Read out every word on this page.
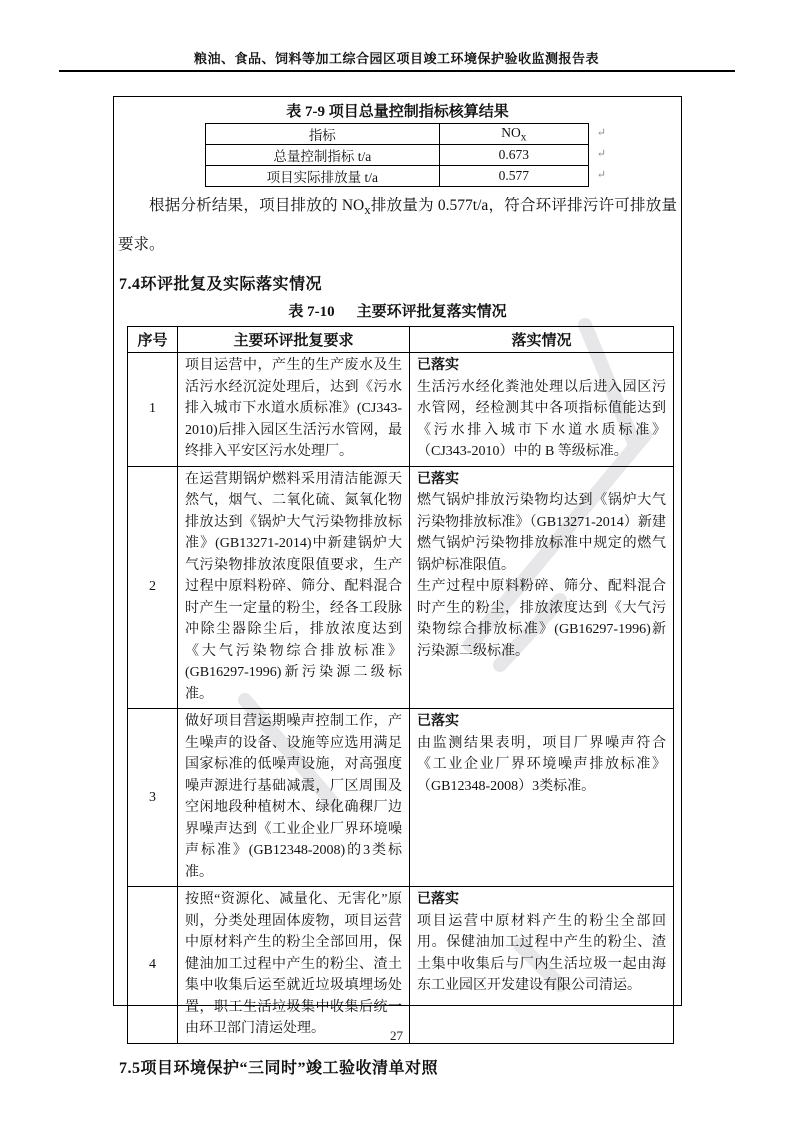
粮油、食品、饲料等加工综合园区项目竣工环境保护验收监测报告表
表 7-9 项目总量控制指标核算结果
指标	$NO_x$
总量控制指标 t/a	0.673
项目实际排放量 t/a	0.577
↵
↵
↵
根据分析结果，项目排放的 $NO_x$排放量为 0.577t/a，符合环评排污许可排放量要求。
7.4环评批复及实际落实情况
表 7-10 主要环评批复落实情况
序号	主要环评批复要求	落实情况
1	项目运营中，产生的生产废水及生活污水经沉淀处理后，达到《污水排入城市下水道水质标准》(CJ343-2010)后排入园区生活污水管网，最终排入平安区污水处理厂。	已落实

生活污水经化粪池处理以后进入园区污水管网，经检测其中各项指标值能达到《污水排入城市下水道水质标准》（CJ343-2010）中的 B 等级标准。

2	在运营期锅炉燃料采用清洁能源天然气，烟气、二氧化硫、氮氧化物排放达到《锅炉大气污染物排放标准》(GB13271-2014)中新建锅炉大气污染物排放浓度限值要求，生产过程中原料粉碎、筛分、配料混合时产生一定量的粉尘，经各工段脉冲除尘器除尘后，排放浓度达到《大气污染物综合排放标准》(GB16297-1996)新污染源二级标准。	已落实

燃气锅炉排放污染物均达到《锅炉大气污染物排放标准》（GB13271-2014）新建燃气锅炉污染物排放标准中规定的燃气锅炉标准限值。

生产过程中原料粉碎、筛分、配料混合时产生的粉尘，排放浓度达到《大气污染物综合排放标准》(GB16297-1996)新污染源二级标准。

3	做好项目营运期噪声控制工作，产生噪声的设备、设施等应选用满足国家标准的低噪声设施，对高强度噪声源进行基础减震，厂区周围及空闲地段种植树木、绿化确稞厂边界噪声达到《工业企业厂界环境噪声标准》(GB12348-2008)的3类标准。	已落实

由监测结果表明，项目厂界噪声符合《工业企业厂界环境噪声排放标准》（GB12348-2008）3类标准。

4	按照“资源化、减量化、无害化”原则，分类处理固体废物，项目运营中原材料产生的粉尘全部回用，保健油加工过程中产生的粉尘、渣土集中收集后运至就近垃圾填埋场处置，职工生活垃圾集中收集后统一由环卫部门清运处理。	已落实

项目运营中原材料产生的粉尘全部回用。保健油加工过程中产生的粉尘、渣土集中收集后与厂内生活垃圾一起由海东工业园区开发建设有限公司清运。

7.5项目环境保护“三同时”竣工验收清单对照
27
